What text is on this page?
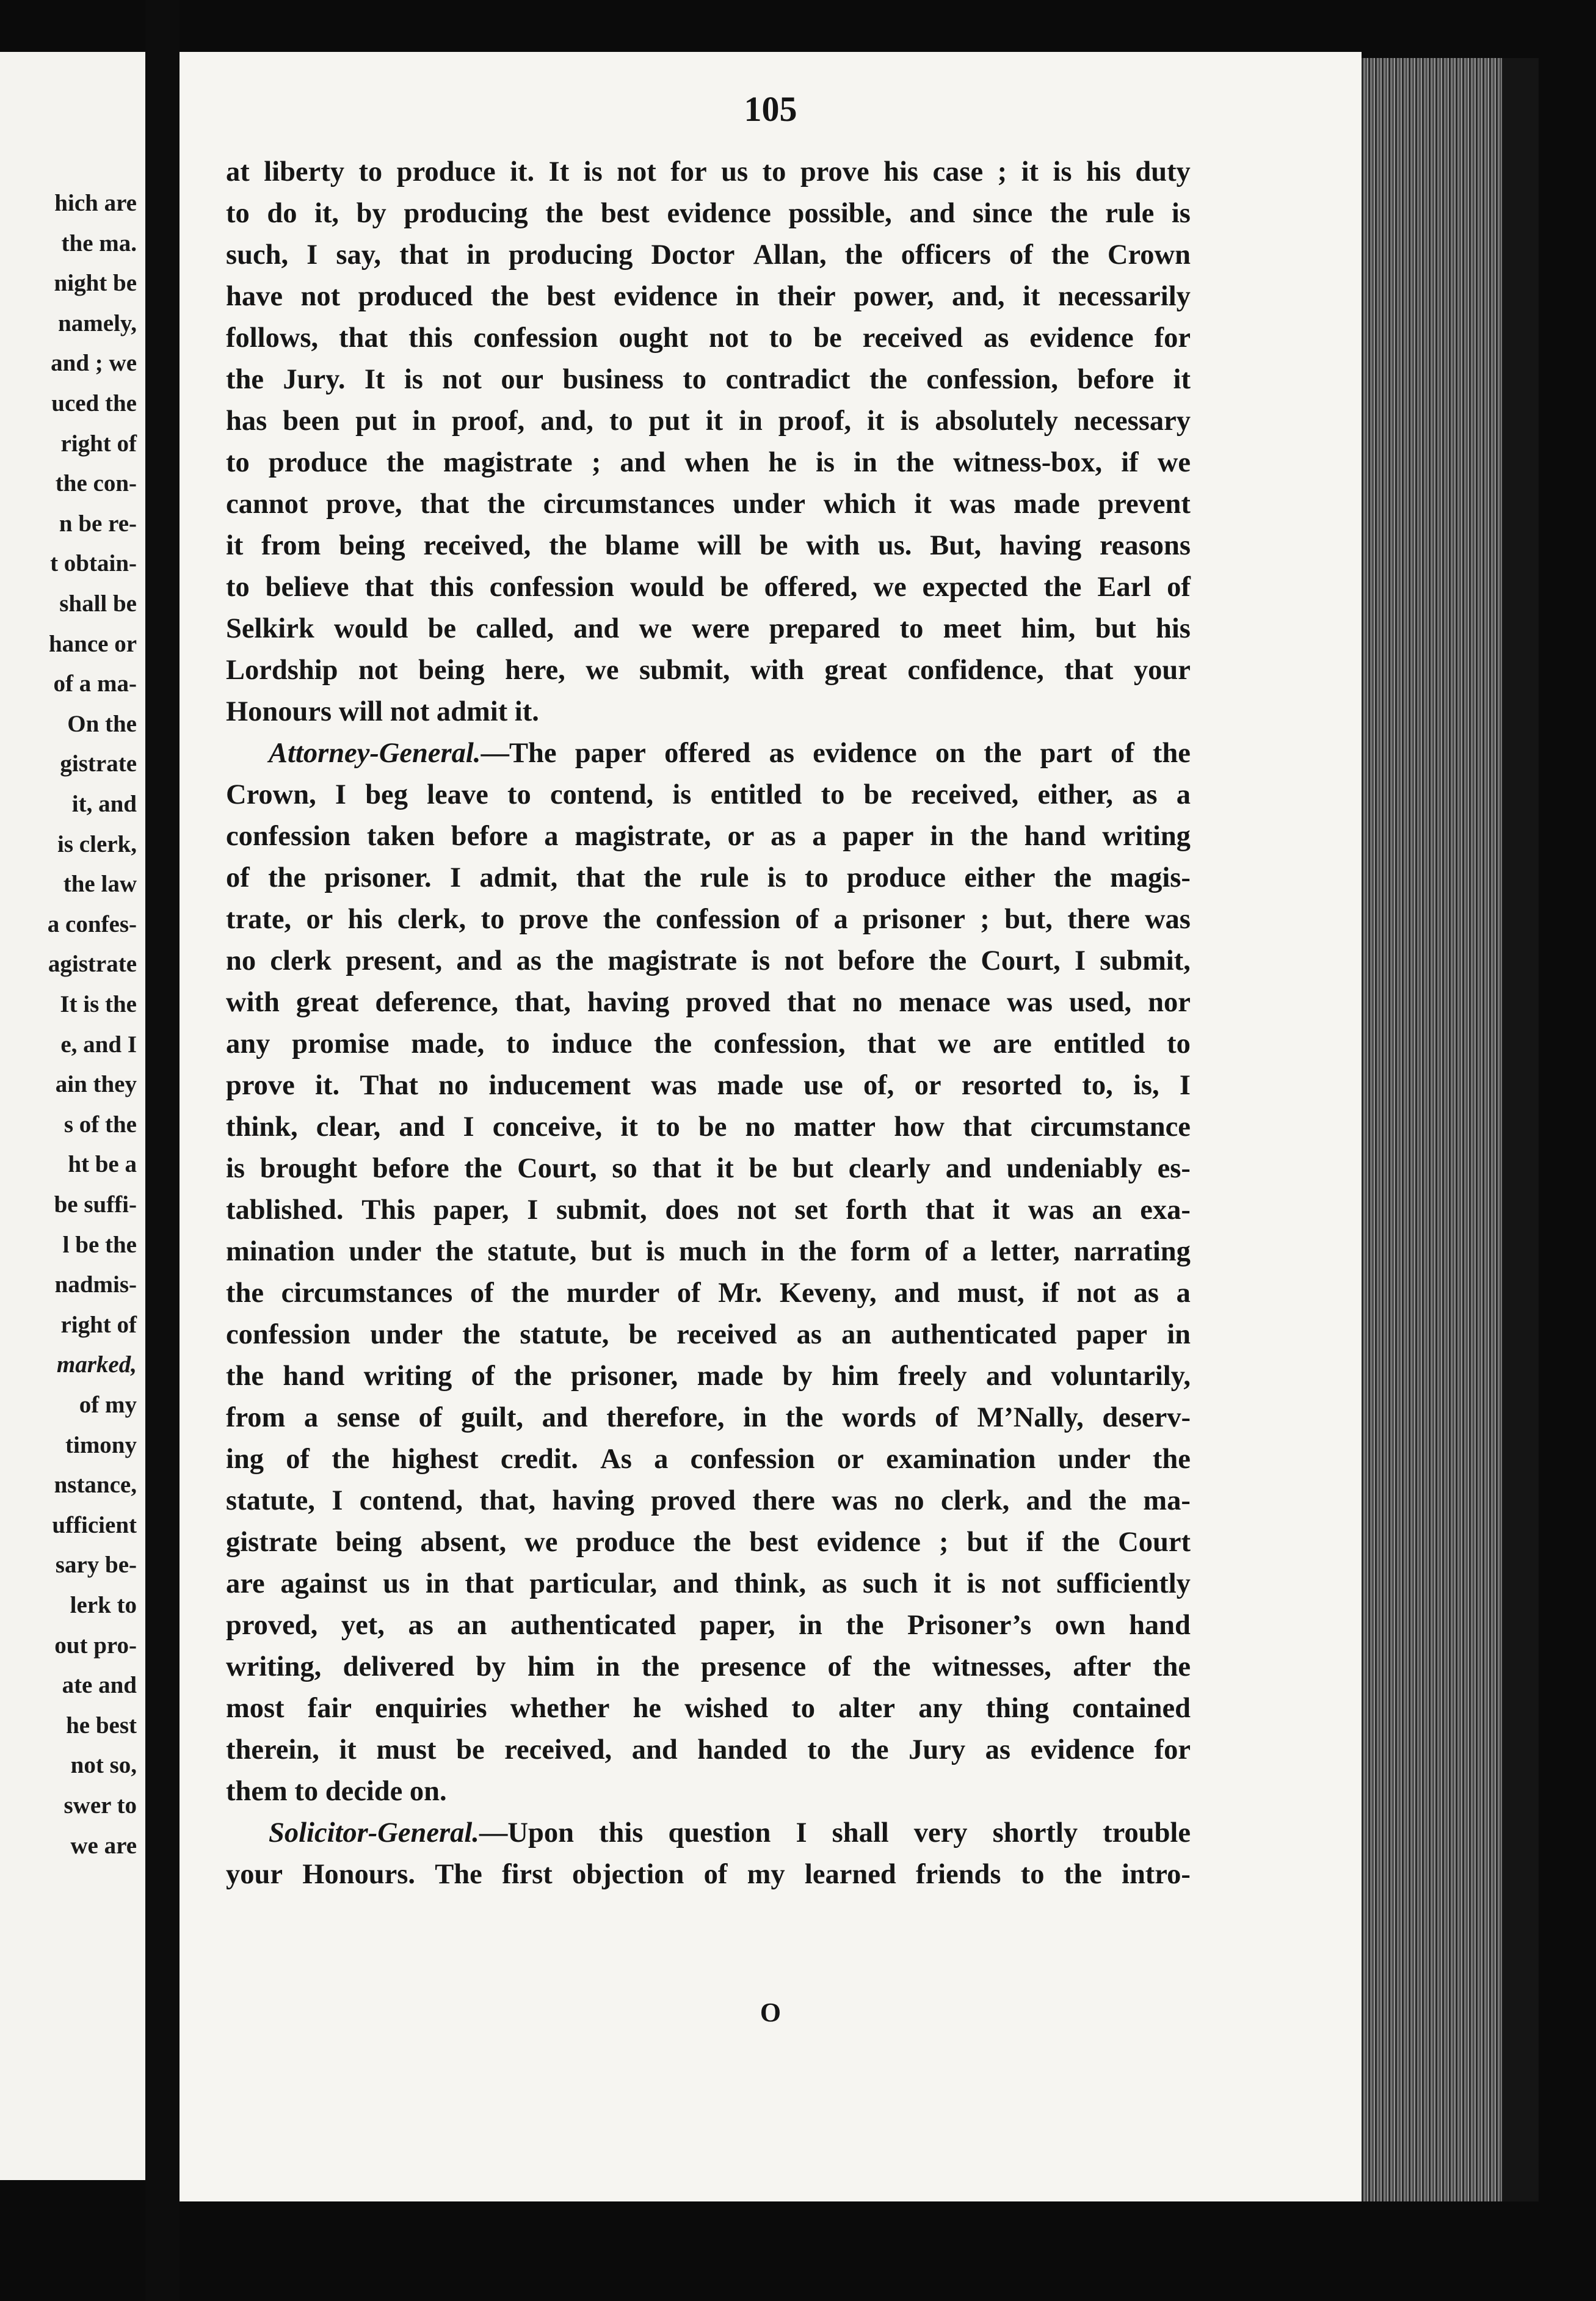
hich are
the ma.
night be
namely,
and ; we
uced the
right of
the con-
n be re-
t obtain-
shall be
hance or
of a ma-
On the
gistrate
it, and
is clerk,
the law
a confes-
agistrate
It is the
e, and I
ain they
s of the
ht be a
be suffi-
l be the
nadmis-
right of
marked,
of my
timony
nstance,
ufficient
sary be-
lerk to
out pro-
ate and
he best
not so,
swer to
we are
105
at liberty to produce it. It is not for us to prove his case ; it is his duty
to do it, by producing the best evidence possible, and since the rule is
such, I say, that in producing Doctor Allan, the officers of the Crown
have not produced the best evidence in their power, and, it necessarily
follows, that this confession ought not to be received as evidence for
the Jury. It is not our business to contradict the confession, before it
has been put in proof, and, to put it in proof, it is absolutely necessary
to produce the magistrate ; and when he is in the witness-box, if we
cannot prove, that the circumstances under which it was made prevent
it from being received, the blame will be with us. But, having reasons
to believe that this confession would be offered, we expected the Earl of
Selkirk would be called, and we were prepared to meet him, but his
Lordship not being here, we submit, with great confidence, that your
Honours will not admit it.
Attorney-General.—The paper offered as evidence on the part of the
Crown, I beg leave to contend, is entitled to be received, either, as a
confession taken before a magistrate, or as a paper in the hand writing
of the prisoner. I admit, that the rule is to produce either the magis-
trate, or his clerk, to prove the confession of a prisoner ; but, there was
no clerk present, and as the magistrate is not before the Court, I submit,
with great deference, that, having proved that no menace was used, nor
any promise made, to induce the confession, that we are entitled to
prove it. That no inducement was made use of, or resorted to, is, I
think, clear, and I conceive, it to be no matter how that circumstance
is brought before the Court, so that it be but clearly and undeniably es-
tablished. This paper, I submit, does not set forth that it was an exa-
mination under the statute, but is much in the form of a letter, narrating
the circumstances of the murder of Mr. Keveny, and must, if not as a
confession under the statute, be received as an authenticated paper in
the hand writing of the prisoner, made by him freely and voluntarily,
from a sense of guilt, and therefore, in the words of M’Nally, deserv-
ing of the highest credit. As a confession or examination under the
statute, I contend, that, having proved there was no clerk, and the ma-
gistrate being absent, we produce the best evidence ; but if the Court
are against us in that particular, and think, as such it is not sufficiently
proved, yet, as an authenticated paper, in the Prisoner’s own hand
writing, delivered by him in the presence of the witnesses, after the
most fair enquiries whether he wished to alter any thing contained
therein, it must be received, and handed to the Jury as evidence for
them to decide on.
Solicitor-General.—Upon this question I shall very shortly trouble
your Honours. The first objection of my learned friends to the intro-
O
